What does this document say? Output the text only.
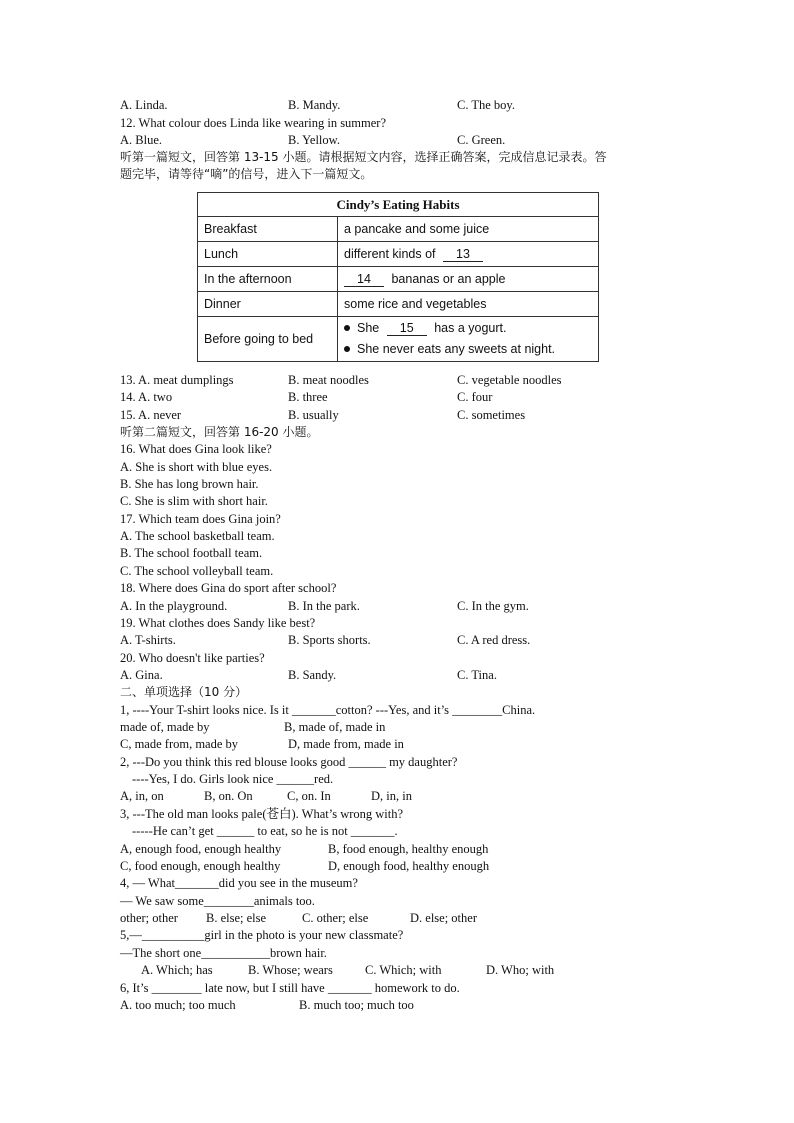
A. Linda.	B. Mandy.	C. The boy.
12. What colour does Linda like wearing in summer?
A. Blue.	B. Yellow.	C. Green.
听第一篇短文，回答第 13-15 小题。请根据短文内容，选择正确答案，完成信息记录表。答
题完毕，请等待“嘀”的信号，进入下一篇短文。
Cindy’s Eating Habits	
Breakfast	a pancake and some juice
Lunch	different kinds of 13
In the afternoon	14 bananas or an apple
Dinner	some rice and vegetables
Before going to bed	She 15 has a yogurt.
She never eats any sweets at night.
13. A. meat dumplings	B. meat noodles	C. vegetable noodles
14. A. two	B. three	C. four
15. A. never	B. usually	C. sometimes
听第二篇短文，回答第 16-20 小题。
16. What does Gina look like?
A. She is short with blue eyes.
B. She has long brown hair.
C. She is slim with short hair.
17. Which team does Gina join?
A. The school basketball team.
B. The school football team.
C. The school volleyball team.
18. Where does Gina do sport after school?
A. In the playground.	B. In the park.	C. In the gym.
19. What clothes does Sandy like best?
A. T-shirts.	B. Sports shorts.	C. A red dress.
20. Who doesn't like parties?
A. Gina.	B. Sandy.	C. Tina.
二、单项选择（10 分）
1, ----Your T-shirt looks nice. Is it _______cotton? ---Yes, and it’s ________China.
made of, made by	B, made of, made in
C, made from, made by	D, made from, made in
2, ---Do you think this red blouse looks good ______ my daughter?
----Yes, I do. Girls look nice ______red.
A, in, on	B, on. On	C, on. In	D, in, in
3, ---The old man looks pale(苍白). What’s wrong with?
-----He can’t get ______ to eat, so he is not _______.
A, enough food, enough healthy	B, food enough, healthy enough
C, food enough, enough healthy	D, enough food, healthy enough
4, — What_______did you see in the museum?
— We saw some________animals too.
other; other B. else; else	C. other; else	D. else; other
5,—__________girl in the photo is your new classmate?
—The short one___________brown hair.
A. Which; has	B. Whose; wears	C. Which; with	D. Who; with
6, It’s ________ late now, but I still have _______ homework to do.
A. too much; too much	B. much too; much too
